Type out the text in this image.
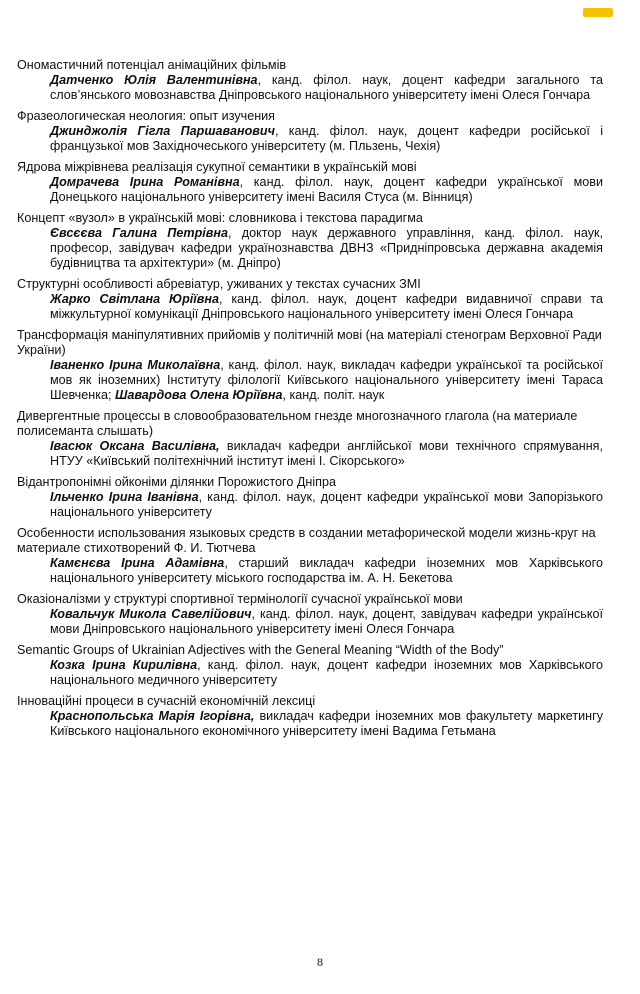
Ономастичний потенціал анімаційних фільмів
Датченко Юлія Валентинівна, канд. філол. наук, доцент кафедри загального та слов’янського мовознавства Дніпровського національного університету імені Олеся Гончара
Фразеологическая неология: опыт изучения
Джинджолія Гігла Паршаванович, канд. філол. наук, доцент кафедри російської і французької мов Західночеського університету (м. Пльзень, Чехія)
Ядрова міжрівнева реалізація сукупної семантики в українській мові
Домрачева Ірина Романівна, канд. філол. наук, доцент кафедри української мови Донецького національного університету імені Василя Стуса (м. Вінниця)
Концепт «вузол» в українській мові: словникова і текстова парадигма
Євсєєва Галина Петрівна, доктор наук державного управління, канд. філол. наук, професор, завідувач кафедри українознавства ДВНЗ «Придніпровська державна академія будівництва та архітектури» (м. Дніпро)
Структурні особливості абревіатур, уживаних у текстах сучасних ЗМІ
Жарко Світлана Юріївна, канд. філол. наук, доцент кафедри видавничої справи та міжкультурної комунікації Дніпровського національного університету імені Олеся Гончара
Трансформація маніпулятивних прийомів у політичній мові (на матеріалі стенограм Верховної Ради України)
Іваненко Ірина Миколаївна, канд. філол. наук, викладач кафедри української та російської мов як іноземних) Інституту філології Київського національного університету імені Тараса Шевченка; Шавардова Олена Юріївна, канд. політ. наук
Дивергентные процессы в словообразовательном гнезде многозначного глагола (на материале полисеманта слышать)
Івасюк Оксана Василівна, викладач кафедри англійської мови технічного спрямування, НТУУ «Київський політехнічний інститут імені І. Сікорського»
Відантропонімні ойконіми ділянки Порожистого Дніпра
Ільченко Ірина Іванівна, канд. філол. наук, доцент кафедри української мови Запорізького національного університету
Особенности использования языковых средств в создании метафорической модели жизнь-круг на материале стихотворений Ф. И. Тютчева
Камєнєва Ірина Адамівна, старший викладач кафедри іноземних мов Харківського національного університету міського господарства ім. А. Н. Бекетова
Оказіоналізми у структурі спортивної термінології сучасної української мови
Ковальчук Микола Савелійович, канд. філол. наук, доцент, завідувач кафедри української мови Дніпровського національного університету імені Олеся Гончара
Semantic Groups of Ukrainian Adjectives with the General Meaning “Width of the Body”
Козка Ірина Кирилівна, канд. філол. наук, доцент кафедри іноземних мов Харківського національного медичного університету
Інноваційні процеси в сучасній економічній лексиці
Краснопольська Марія Ігорівна, викладач кафедри іноземних мов факультету маркетингу Київського національного економічного університету імені Вадима Гетьмана
8
